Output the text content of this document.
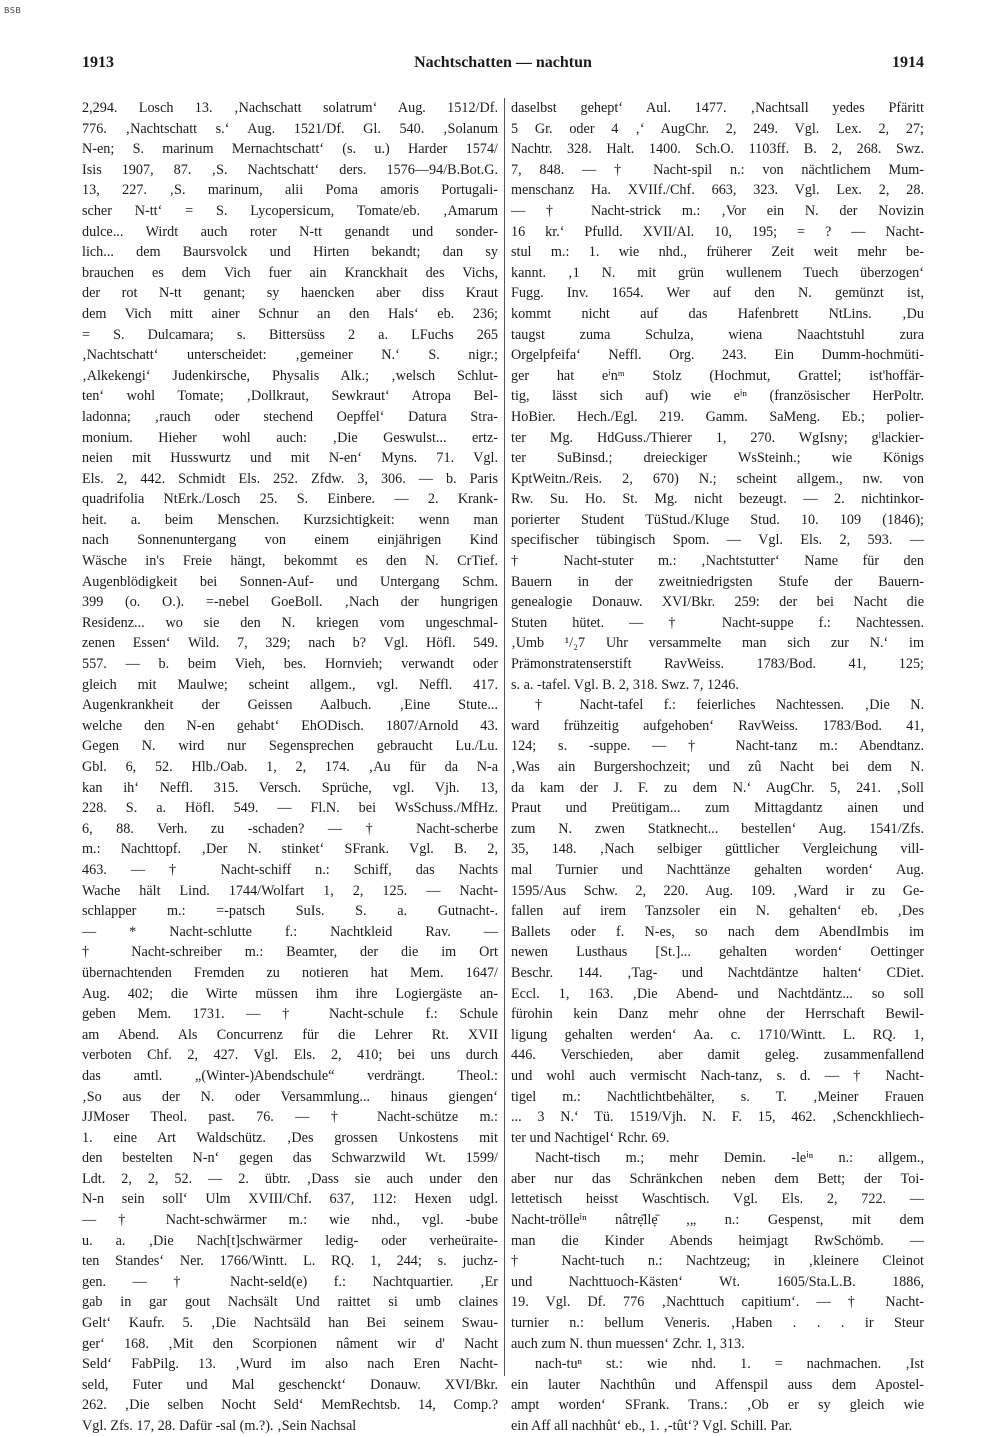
BSB
1913	Nachtschatten — nachtun	1914
2,294. Losch 13. ‚Nachschatt solatrum‘ Aug. 1512/Df.
776. ‚Nachtschatt s.‘ Aug. 1521/Df. Gl. 540. ‚Solanum
N-en; S. marinum Mernachtschatt‘ (s. u.) Harder 1574/
Isis 1907, 87. ‚S. Nachtschatt‘ ders. 1576—94/B.Bot.G.
13, 227. ‚S. marinum, alii Poma amoris Portugali-
scher N-tt‘ = S. Lycopersicum, Tomate/eb. ‚Amarum
dulce... Wirdt auch roter N-tt genandt und sonder-
lich... dem Baursvolck und Hirten bekandt; dan sy
brauchen es dem Vich fuer ain Kranckhait des Vichs,
der rot N-tt genant; sy haencken aber diss Kraut
dem Vich mitt ainer Schnur an den Hals‘ eb. 236;
= S. Dulcamara; s. Bittersüss 2 a. LFuchs 265
‚Nachtschatt‘ unterscheidet: ‚gemeiner N.‘ S. nigr.;
‚Alkekengi‘ Judenkirsche, Physalis Alk.; ‚welsch Schlut-
ten‘ wohl Tomate; ‚Dollkraut, Sewkraut‘ Atropa Bel-
ladonna; ‚rauch oder stechend Oepffel‘ Datura Stra-
monium. Hieher wohl auch: ‚Die Geswulst... ertz-
neien mit Husswurtz und mit N-en‘ Myns. 71. Vgl.
Els. 2, 442. Schmidt Els. 252. Zfdw. 3, 306. — b. Paris
quadrifolia NtErk./Losch 25. S. Einbere. — 2. Krank-
heit. a. beim Menschen. Kurzsichtigkeit: wenn man
nach Sonnenuntergang von einem einjährigen Kind
Wäsche in's Freie hängt, bekommt es den N. CrTief.
Augenblödigkeit bei Sonnen-Auf- und Untergang Schm.
399 (o. O.). =-nebel GoeBoll. ‚Nach der hungrigen
Residenz... wo sie den N. kriegen vom ungeschmal-
zenen Essen‘ Wild. 7, 329; nach b? Vgl. Höfl. 549.
557. — b. beim Vieh, bes. Hornvieh; verwandt oder
gleich mit Maulwe; scheint allgem., vgl. Neffl. 417.
Augenkrankheit der Geissen Aalbuch. ‚Eine Stute...
welche den N-en gehabt‘ EhODisch. 1807/Arnold 43.
Gegen N. wird nur Segensprechen gebraucht Lu./Lu.
Gbl. 6, 52. Hlb./Oab. 1, 2, 174. ‚Au für da N-a
kan ih‘ Neffl. 315. Versch. Sprüche, vgl. Vjh. 13,
228. S. a. Höfl. 549. — Fl.N. bei WsSchuss./MfHz.
6, 88. Verh. zu -schaden? — † Nacht-scherbe
m.: Nachttopf. ‚Der N. stinket‘ SFrank. Vgl. B. 2,
463. — † Nacht-schiff n.: Schiff, das Nachts
Wache hält Lind. 1744/Wolfart 1, 2, 125. — Nacht-
schlapper m.: =-patsch SuIs. S. a. Gutnacht-.
— * Nacht-schlutte f.: Nachtkleid Rav. —
† Nacht-schreiber m.: Beamter, der die im Ort
übernachtenden Fremden zu notieren hat Mem. 1647/
Aug. 402; die Wirte müssen ihm ihre Logiergäste an-
geben Mem. 1731. — † Nacht-schule f.: Schule
am Abend. Als Concurrenz für die Lehrer Rt. XVII
verboten Chf. 2, 427. Vgl. Els. 2, 410; bei uns durch
das amtl. „(Winter-)Abendschule“ verdrängt. Theol.:
‚So aus der N. oder Versammlung... hinaus giengen‘
JJMoser Theol. past. 76. — † Nacht-schütze m.:
1. eine Art Waldschütz. ‚Des grossen Unkostens mit
den bestelten N-n‘ gegen das Schwarzwild Wt. 1599/
Ldt. 2, 2, 52. — 2. übtr. ‚Dass sie auch under den
N-n sein soll‘ Ulm XVIII/Chf. 637, 112: Hexen udgl.
— † Nacht-schwärmer m.: wie nhd., vgl. -bube
u. a. ‚Die Nach[t]schwärmer ledig- oder verheüraite-
ten Standes‘ Ner. 1766/Wintt. L. RQ. 1, 244; s. juchz-
gen. — † Nacht-seld(e) f.: Nachtquartier. ‚Er
gab in gar gout Nachsält Und raittet si umb claines
Gelt‘ Kaufr. 5. ‚Die Nachtsäld han Bei seinem Swau-
ger‘ 168. ‚Mit den Scorpionen nâment wir d' Nacht
Seld‘ FabPilg. 13. ‚Wurd im also nach Eren Nacht-
seld, Futer und Mal geschenckt‘ Donauw. XVI/Bkr.
262. ‚Die selben Nocht Seld‘ MemRechtsb. 14, Comp.?
Vgl. Zfs. 17, 28. Dafür -sal (m.?). ‚Sein Nachsal
daselbst gehept‘ Aul. 1477. ‚Nachtsall yedes Pfäritt
5 Gr. oder 4 ‚‘ AugChr. 2, 249. Vgl. Lex. 2, 27;
Nachtr. 328. Halt. 1400. Sch.O. 1103ff. B. 2, 268. Swz.
7, 848. — † Nacht-spil n.: von nächtlichem Mum-
menschanz Ha. XVIIf./Chf. 663, 323. Vgl. Lex. 2, 28.
— † Nacht-strick m.: ‚Vor ein N. der Novizin
16 kr.‘ Pfulld. XVII/Al. 10, 195; = ? — Nacht-
stul m.: 1. wie nhd., früherer Zeit weit mehr be-
kannt. ‚1 N. mit grün wullenem Tuech überzogen‘
Fugg. Inv. 1654. Wer auf den N. gemünzt ist,
kommt nicht auf das Hafenbrett NtLins. ‚Du
taugst zuma Schulza, wiena Naachtstuhl zura
Orgelpfeifa‘ Neffl. Org. 243. Ein Dumm-hochmüti-
ger hat eⁱnᵐ Stolz (Hochmut, Grattel; ist'hoffär-
tig, lässt sich auf) wie eⁱⁿ (französischer HerPoltr.
HoBier. Hech./Egl. 219. Gamm. SaMeng. Eb.; polier-
ter Mg. HdGuss./Thierer 1, 270. WgIsny; gˡlackier-
ter SuBinsd.; dreieckiger WsSteinh.; wie Königs
KptWeitn./Reis. 2, 670) N.; scheint allgem., nw. von
Rw. Su. Ho. St. Mg. nicht bezeugt. — 2. nichtinkor-
porierter Student TüStud./Kluge Stud. 10. 109 (1846);
specifischer tübingisch Spom. — Vgl. Els. 2, 593. —
† Nacht-stuter m.: ‚Nachtstutter‘ Name für den
Bauern in der zweitniedrigsten Stufe der Bauern-
genealogie Donauw. XVI/Bkr. 259: der bei Nacht die
Stuten hütet. — † Nacht-suppe f.: Nachtessen.
‚Umb ¹/₂7 Uhr versammelte man sich zur N.‘ im
Prämonstratenserstift RavWeiss. 1783/Bod. 41, 125;
s. a. -tafel. Vgl. B. 2, 318. Swz. 7, 1246.
† Nacht-tafel f.: feierliches Nachtessen. ‚Die N.
ward frühzeitig aufgehoben‘ RavWeiss. 1783/Bod. 41,
124; s. -suppe. — † Nacht-tanz m.: Abendtanz.
‚Was ain Burgershochzeit; und zû Nacht bei dem N.
da kam der J. F. zu dem N.‘ AugChr. 5, 241. ‚Soll
Praut und Preütigam... zum Mittagdantz ainen und
zum N. zwen Statknecht... bestellen‘ Aug. 1541/Zfs.
35, 148. ‚Nach selbiger güttlicher Vergleichung vill-
mal Turnier und Nachttänze gehalten worden‘ Aug.
1595/Aus Schw. 2, 220. Aug. 109. ‚Ward ir zu Ge-
fallen auf irem Tanzsoler ein N. gehalten‘ eb. ‚Des
Ballets oder f. N-es, so nach dem AbendImbis im
newen Lusthaus [St.]... gehalten worden‘ Oettinger
Beschr. 144. ‚Tag- und Nachtdäntze halten‘ CDiet.
Eccl. 1, 163. ‚Die Abend- und Nachtdäntz... so soll
fürohin kein Danz mehr ohne der Herrschaft Bewil-
ligung gehalten werden‘ Aa. c. 1710/Wintt. L. RQ. 1,
446. Verschieden, aber damit geleg. zusammenfallend
und wohl auch vermischt Nach-tanz, s. d. — † Nacht-
tigel m.: Nachtlichtbehälter, s. T. ‚Meiner Frauen
... 3 N.‘ Tü. 1519/Vjh. N. F. 15, 462. ‚Schenckhliech-
ter und Nachtigel‘ Rchr. 69.
Nacht-tisch m.; mehr Demin. -leⁱⁿ n.: allgem.,
aber nur das Schränkchen neben dem Bett; der Toi-
lettetisch heisst Waschtisch. Vgl. Els. 2, 722. —
Nacht-trölleⁱⁿ nâtrẹ̄llẹ̄ ,„ n.: Gespenst, mit dem
man die Kinder Abends heimjagt RwSchömb. —
† Nacht-tuch n.: Nachtzeug; in ‚kleinere Cleinot
und Nachttuoch-Kästen‘ Wt. 1605/Sta.L.B. 1886,
19. Vgl. Df. 776 ‚Nachttuch capitium‘. — † Nacht-
turnier n.: bellum Veneris. ‚Haben . . . ir Steur
auch zum N. thun muessen‘ Zchr. 1, 313.
nach-tuⁿ st.: wie nhd. 1. = nachmachen. ‚Ist
ein lauter Nachthûn und Affenspil auss dem Apostel-
ampt worden‘ SFrank. Trans.: ‚Ob er sy gleich wie
ein Aff all nachhût‘ eb., 1. ‚-tût‘? Vgl. Schill. Par.
